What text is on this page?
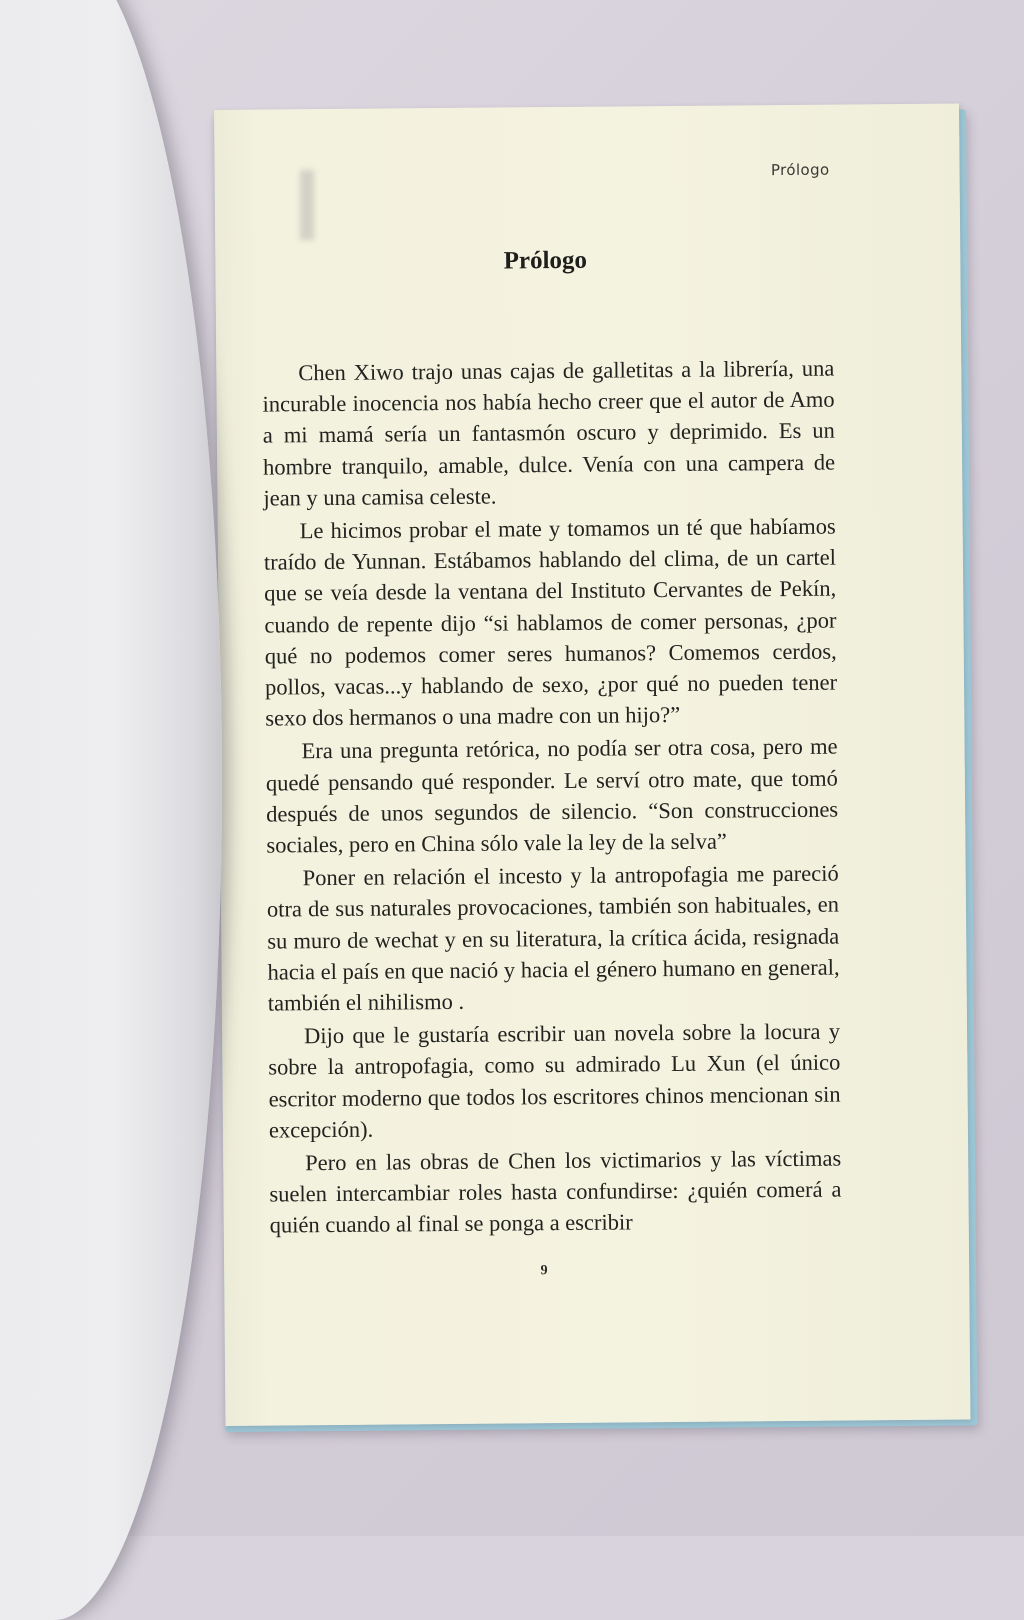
Prólogo
Prólogo

Chen Xiwo trajo unas cajas de galletitas a la librería, una incurable inocencia nos había hecho creer que el autor de Amo a mi mamá sería un fantasmón oscuro y deprimido. Es un hombre tranquilo, amable, dulce. Venía con una campera de jean y una camisa celeste.

Le hicimos probar el mate y tomamos un té que habíamos traído de Yunnan. Estábamos hablando del clima, de un cartel que se veía desde la ventana del Instituto Cervantes de Pekín, cuando de repente dijo “si hablamos de comer personas, ¿por qué no podemos comer seres humanos? Comemos cerdos, pollos, vacas...y hablando de sexo, ¿por qué no pueden tener sexo dos hermanos o una madre con un hijo?”

Era una pregunta retórica, no podía ser otra cosa, pero me quedé pensando qué responder. Le serví otro mate, que tomó después de unos segundos de silencio. “Son construcciones sociales, pero en China sólo vale la ley de la selva”

Poner en relación el incesto y la antropofagia me pareció otra de sus naturales provocaciones, también son habituales, en su muro de wechat y en su literatura, la crítica ácida, resignada hacia el país en que nació y hacia el género humano en general, también el nihilismo .

Dijo que le gustaría escribir uan novela sobre la locura y sobre la antropofagia, como su admirado Lu Xun (el único escritor moderno que todos los escritores chinos mencionan sin excepción).

Pero en las obras de Chen los victimarios y las víctimas suelen intercambiar roles hasta confundirse: ¿quién comerá a quién cuando al final se ponga a escribir

9
